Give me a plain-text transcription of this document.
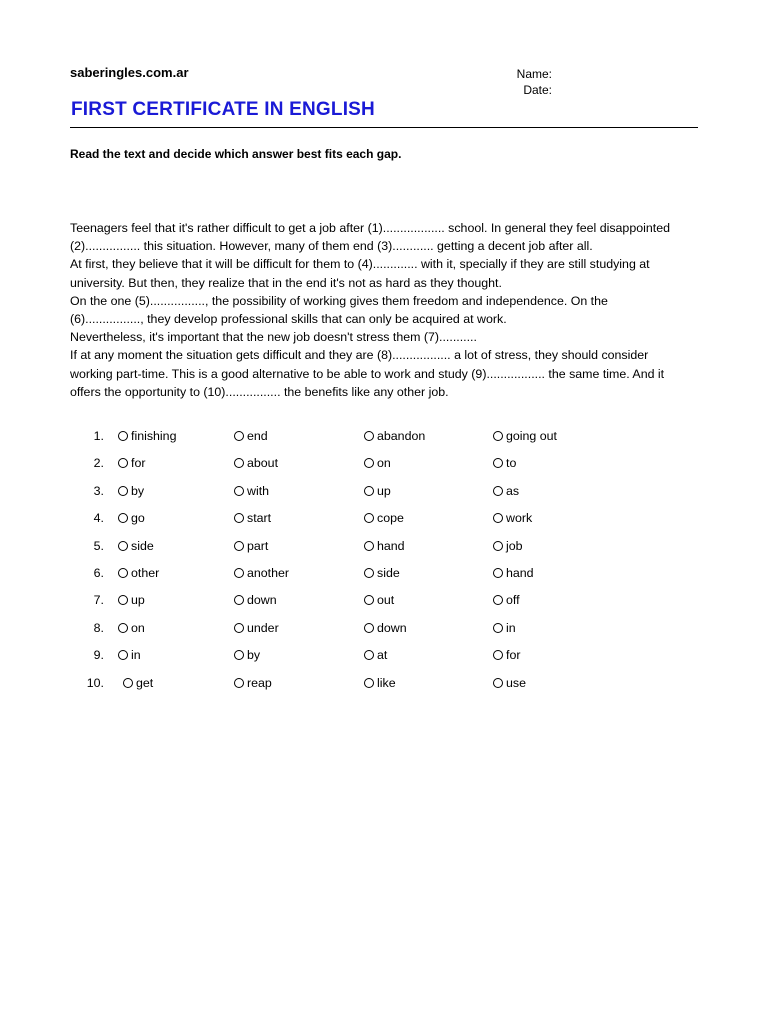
saberingles.com.ar	Name:
Date:
FIRST CERTIFICATE IN ENGLISH
Read the text and decide which answer best fits each gap.
Teenagers feel that it's rather difficult to get a job after (1).................. school. In general they feel disappointed
(2)................ this situation. However, many of them end (3)............ getting a decent job after all.
At first, they believe that it will be difficult for them to (4)............. with it, specially if they are still studying at
university. But then, they realize that in the end it's not as hard as they thought.
On the one (5)................, the possibility of working gives them freedom and independence. On the
(6)................, they develop professional skills that can only be acquired at work.
Nevertheless, it's important that the new job doesn't stress them (7)...........
If at any moment the situation gets difficult and they are (8)................. a lot of stress, they should consider
working part-time. This is a good alternative to be able to work and study (9)................. the same time. And it
offers the opportunity to (10)................ the benefits like any other job.
1. finishing	end	abandon	going out
2. for	about	on	to
3. by	with	up	as
4. go	start	cope	work
5. side	part	hand	job
6. other	another	side	hand
7. up	down	out	off
8. on	under	down	in
9. in	by	at	for
10.	get	reap	like	use
